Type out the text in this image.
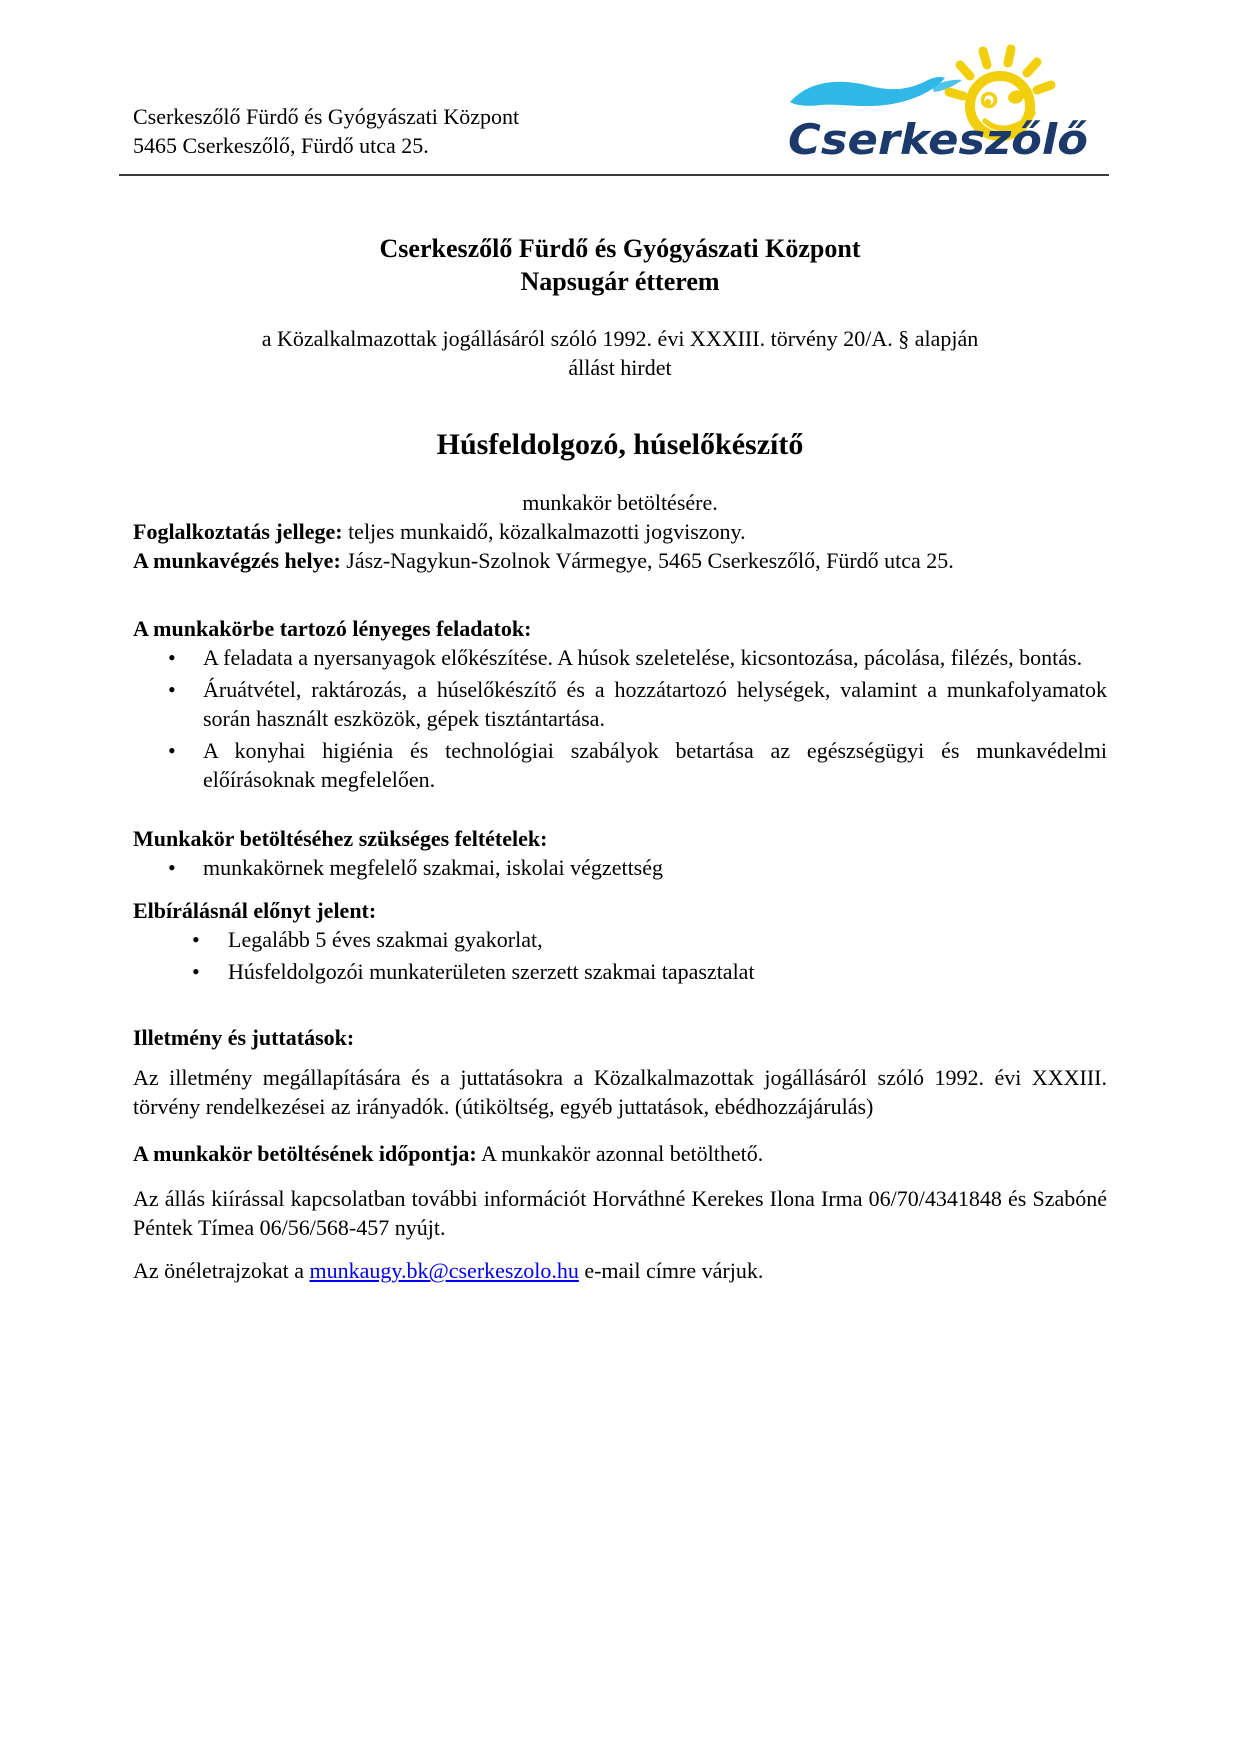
Cserkeszőlő Fürdő és Gyógyászati Központ
5465 Cserkeszőlő, Fürdő utca 25.	Cserkeszőlő
Cserkeszőlő Fürdő és Gyógyászati Központ
Napsugár étterem
a Közalkalmazottak jogállásáról szóló 1992. évi XXXIII. törvény 20/A. § alapján
állást hirdet
Húsfeldolgozó, húselőkészítő
munkakör betöltésére.

Foglalkoztatás jellege: teljes munkaidő, közalkalmazotti jogviszony.

A munkavégzés helye: Jász-Nagykun-Szolnok Vármegye, 5465 Cserkeszőlő, Fürdő utca 25.

A munkakörbe tartozó lényeges feladatok:
• A feladata a nyersanyagok előkészítése. A húsok szeletelése, kicsontozása, pácolása, filézés, bontás.
• Áruátvétel, raktározás, a húselőkészítő és a hozzátartozó helységek, valamint a munkafolyamatok során használt eszközök, gépek tisztántartása.
• A konyhai higiénia és technológiai szabályok betartása az egészségügyi és munkavédelmi előírásoknak megfelelően.
Munkakör betöltéséhez szükséges feltételek:
• munkakörnek megfelelő szakmai, iskolai végzettség
Elbírálásnál előnyt jelent:
• Legalább 5 éves szakmai gyakorlat,
• Húsfeldolgozói munkaterületen szerzett szakmai tapasztalat
Illetmény és juttatások:

Az illetmény megállapítására és a juttatásokra a Közalkalmazottak jogállásáról szóló 1992. évi XXXIII. törvény rendelkezései az irányadók. (útiköltség, egyéb juttatások, ebédhozzájárulás)

A munkakör betöltésének időpontja: A munkakör azonnal betölthető.

Az állás kiírással kapcsolatban további információt Horváthné Kerekes Ilona Irma 06/70/4341848 és Szabóné Péntek Tímea 06/56/568-457 nyújt.

Az önéletrajzokat a munkaugy.bk@cserkeszolo.hu e-mail címre várjuk.
